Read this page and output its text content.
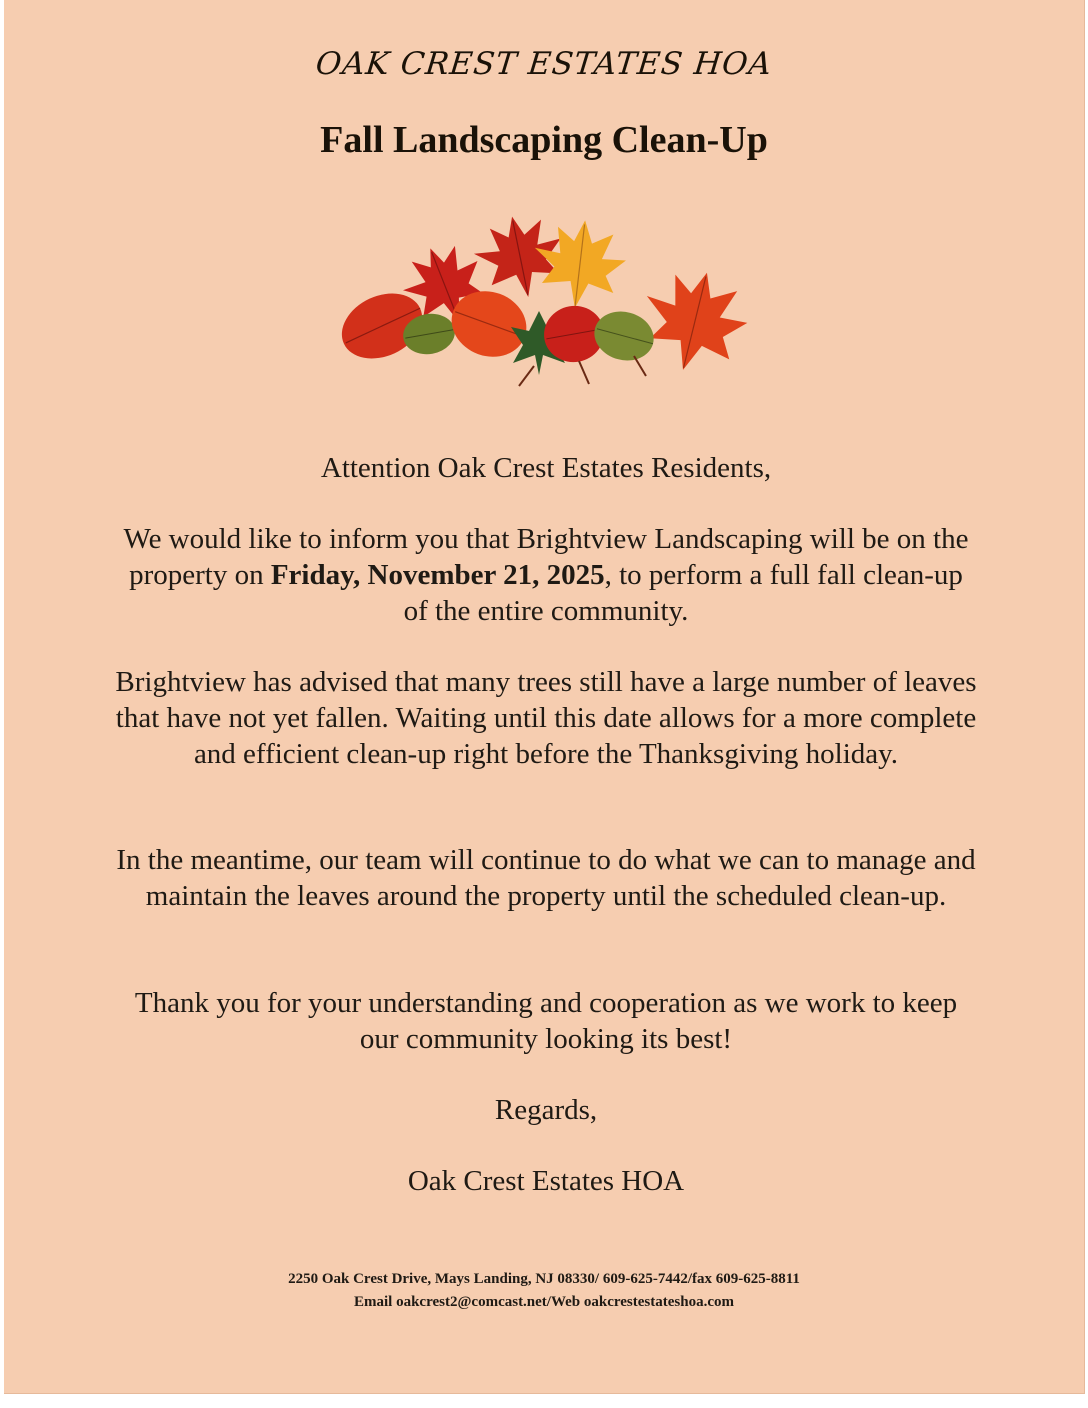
OAK CREST ESTATES HOA
Fall Landscaping Clean-Up

Attention Oak Crest Estates Residents,

We would like to inform you that Brightview Landscaping will be on the property on Friday, November 21, 2025, to perform a full fall clean-up of the entire community.

Brightview has advised that many trees still have a large number of leaves that have not yet fallen. Waiting until this date allows for a more complete and efficient clean-up right before the Thanksgiving holiday.

In the meantime, our team will continue to do what we can to manage and maintain the leaves around the property until the scheduled clean-up.

Thank you for your understanding and cooperation as we work to keep our community looking its best!

Regards,

Oak Crest Estates HOA

2250 Oak Crest Drive, Mays Landing, NJ 08330/ 609-625-7442/fax 609-625-8811
Email oakcrest2@comcast.net/Web oakcrestestateshoa.com
